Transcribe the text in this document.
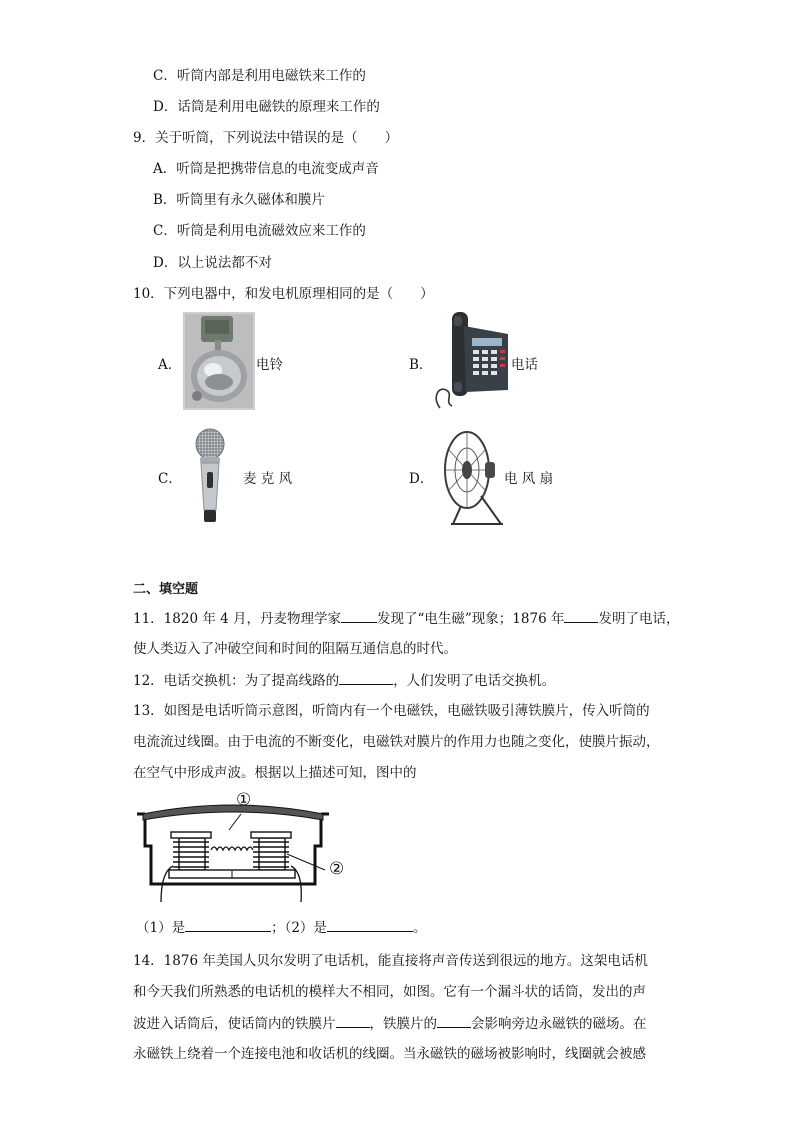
C．听筒内部是利用电磁铁来工作的
D．话筒是利用电磁铁的原理来工作的
9．关于听筒，下列说法中错误的是（　　）
A．听筒是把携带信息的电流变成声音
B．听筒里有永久磁体和膜片
C．听筒是利用电流磁效应来工作的
D．以上说法都不对
10．下列电器中，和发电机原理相同的是（　　）
A．	电铃	B．	电话
C．	麦 克 风	D．	电 风 扇
二、填空题
11．1820 年 4 月，丹麦物理学家	发现了“电生磁”现象；1876 年	发明了电话，
使人类迈入了冲破空间和时间的阻隔互通信息的时代。
12．电话交换机：为了提高线路的	，人们发明了电话交换机。
13．如图是电话听筒示意图，听筒内有一个电磁铁，电磁铁吸引薄铁膜片，传入听筒的
电流流过线圈。由于电流的不断变化，电磁铁对膜片的作用力也随之变化，使膜片振动，
在空气中形成声波。根据以上描述可知，图中的
①
②
（1）是	；（2）是	。
14．1876 年美国人贝尔发明了电话机，能直接将声音传送到很远的地方。这架电话机
和今天我们所熟悉的电话机的模样大不相同，如图。它有一个漏斗状的话筒，发出的声
波进入话筒后，使话筒内的铁膜片	，铁膜片的	会影响旁边永磁铁的磁场。在
永磁铁上绕着一个连接电池和收话机的线圈。当永磁铁的磁场被影响时，线圈就会被感
